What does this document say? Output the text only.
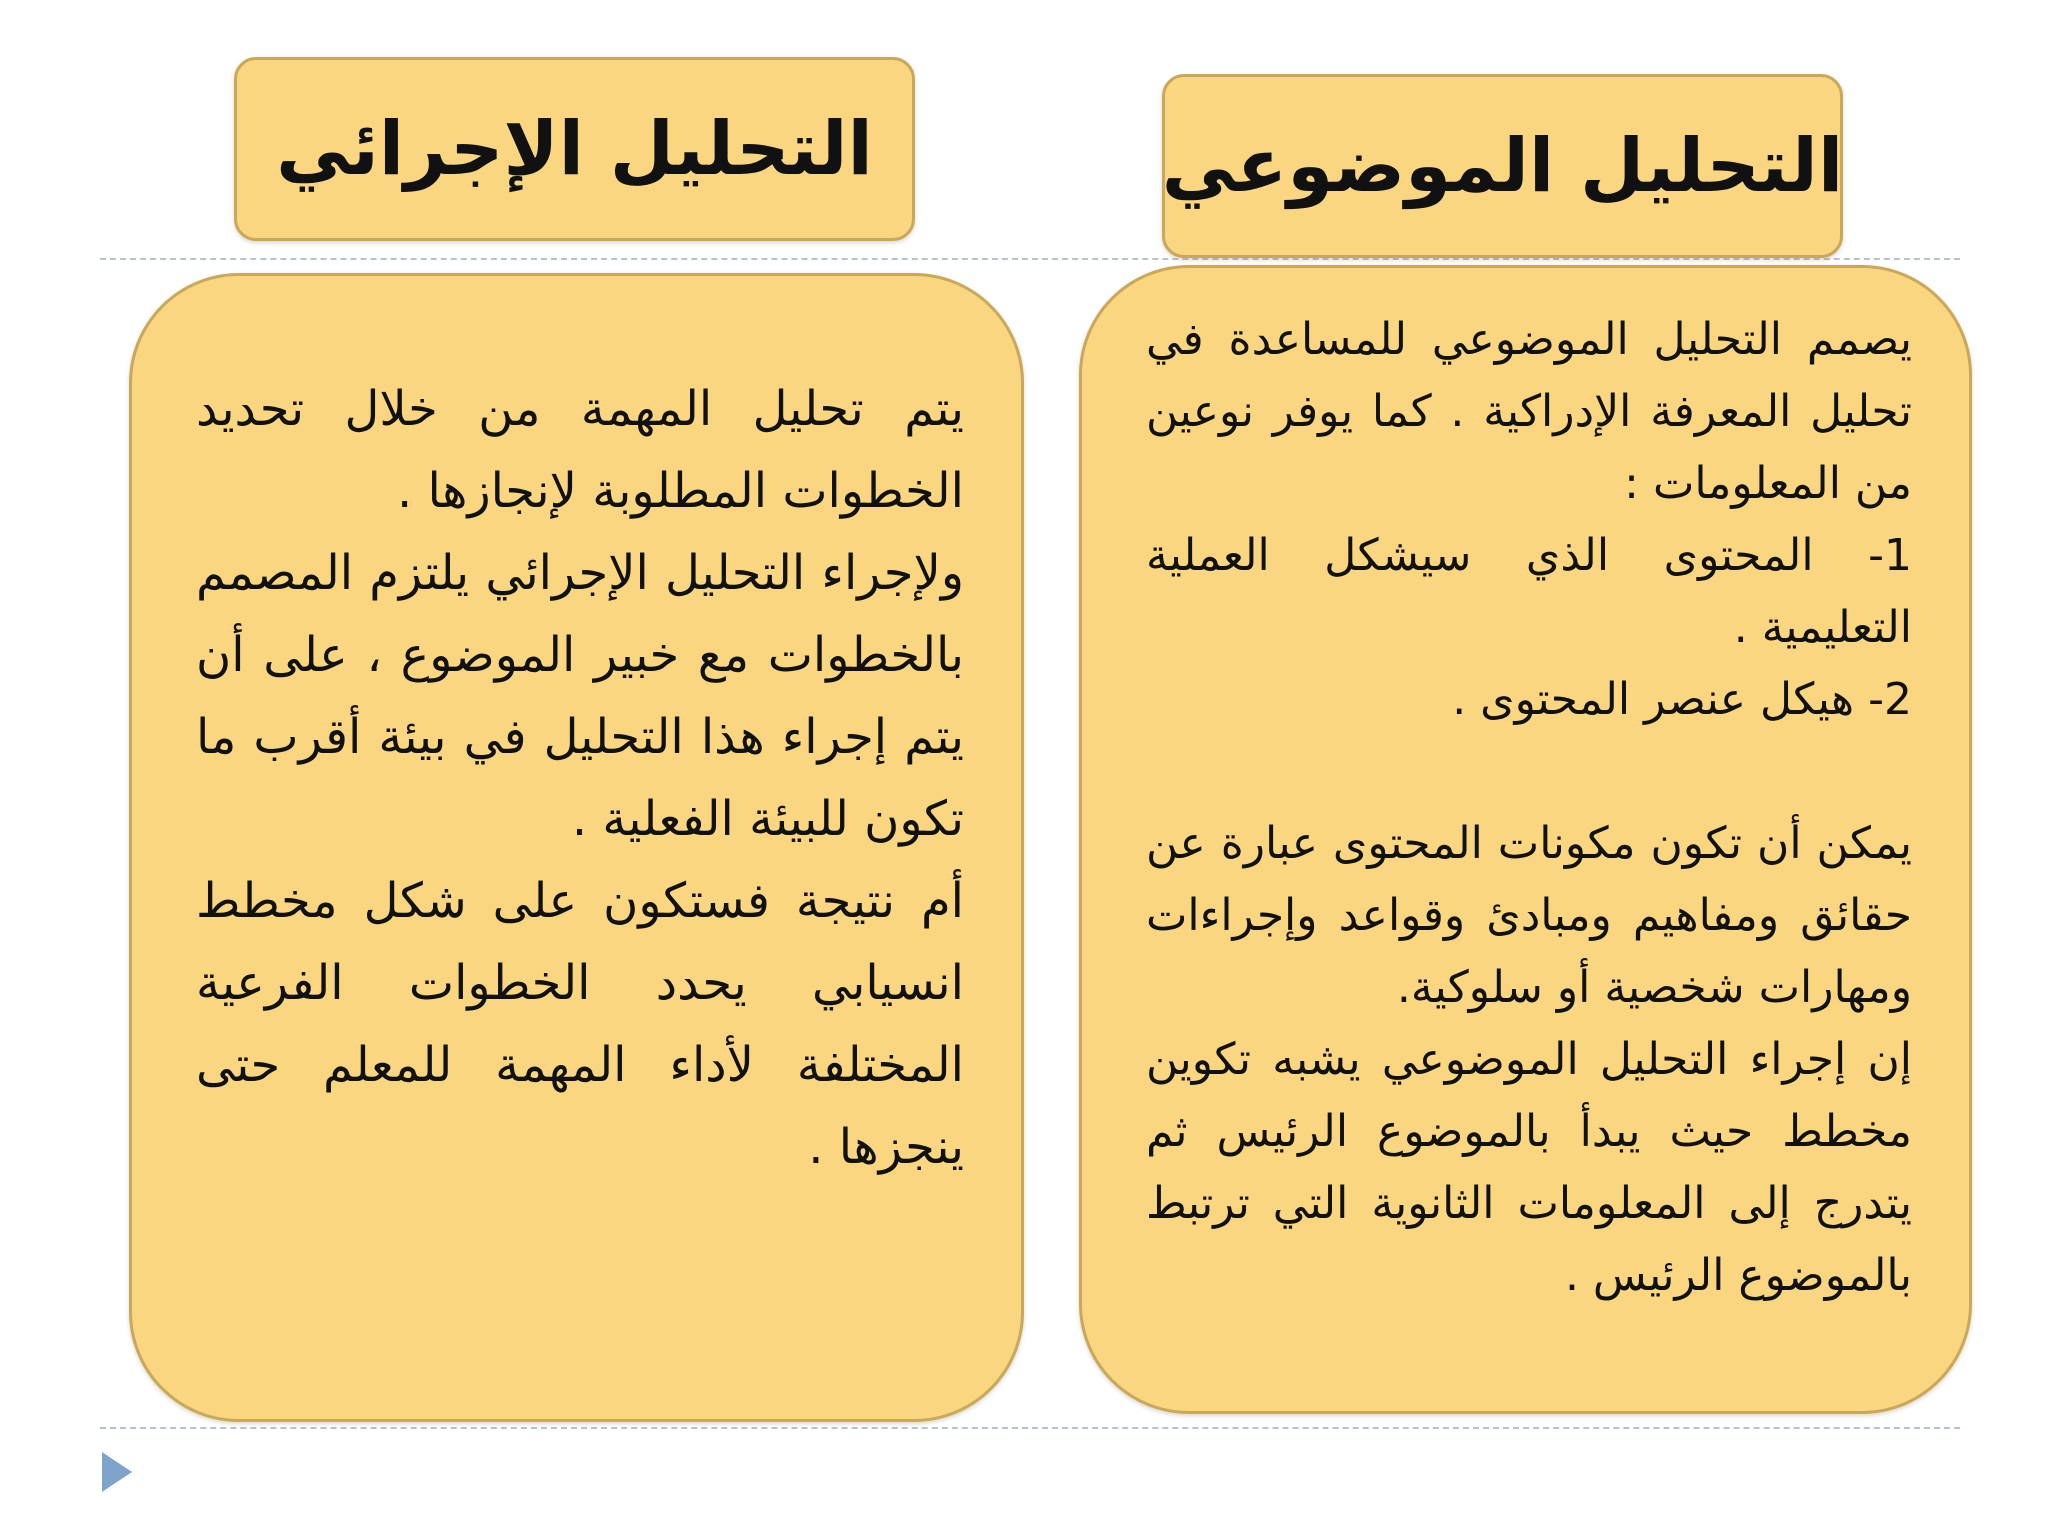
التحليل الإجرائي	التحليل الموضوعي

يتم تحليل المهمة من خلال تحديد الخطوات المطلوبة لإنجازها .

ولإجراء التحليل الإجرائي يلتزم المصمم بالخطوات مع خبير الموضوع ، على أن يتم إجراء هذا التحليل في بيئة أقرب ما تكون للبيئة الفعلية .

أم نتيجة فستكون على شكل مخطط انسيابي يحدد الخطوات الفرعية المختلفة لأداء المهمة للمعلم حتى ينجزها .

يصمم التحليل الموضوعي للمساعدة في تحليل المعرفة الإدراكية . كما يوفر نوعين من المعلومات :

1- المحتوى الذي سيشكل العملية التعليمية .

2- هيكل عنصر المحتوى .

يمكن أن تكون مكونات المحتوى عبارة عن حقائق ومفاهيم ومبادئ وقواعد وإجراءات ومهارات شخصية أو سلوكية.

إن إجراء التحليل الموضوعي يشبه تكوين مخطط حيث يبدأ بالموضوع الرئيس ثم يتدرج إلى المعلومات الثانوية التي ترتبط بالموضوع الرئيس .
